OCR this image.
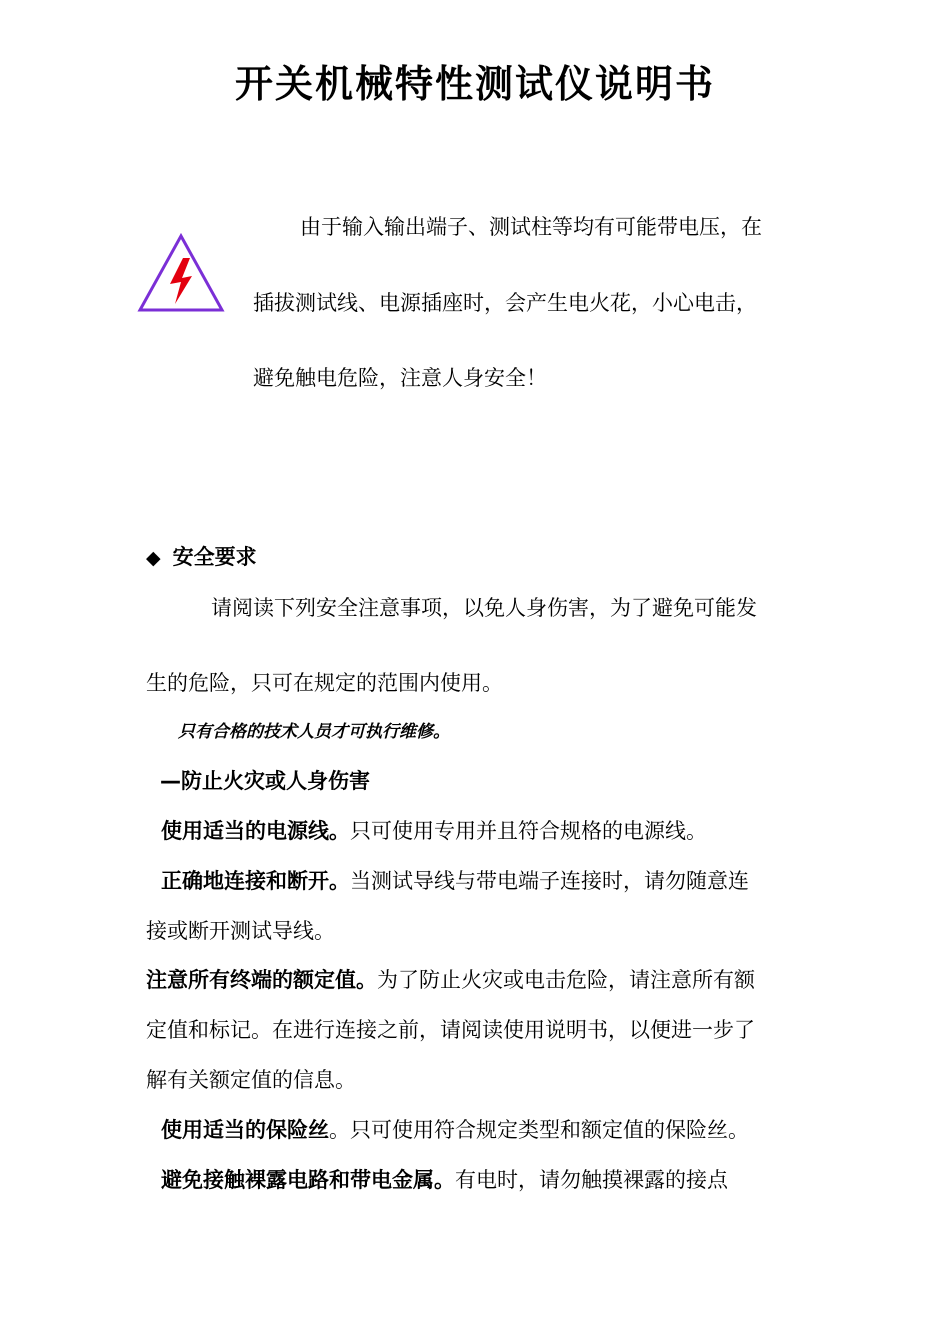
开关机械特性测试仪说明书
由于输入输出端子、测试柱等均有可能带电压，在
插拔测试线、电源插座时，会产生电火花，小心电击，
避免触电危险，注意人身安全！
◆ 安全要求
请阅读下列安全注意事项，以免人身伤害，为了避免可能发
生的危险，只可在规定的范围内使用。
只有合格的技术人员才可执行维修。
—防止火灾或人身伤害
使用适当的电源线。只可使用专用并且符合规格的电源线。
正确地连接和断开。当测试导线与带电端子连接时，请勿随意连
接或断开测试导线。
注意所有终端的额定值。为了防止火灾或电击危险，请注意所有额
定值和标记。在进行连接之前，请阅读使用说明书，以便进一步了
解有关额定值的信息。
使用适当的保险丝。只可使用符合规定类型和额定值的保险丝。
避免接触裸露电路和带电金属。有电时，请勿触摸裸露的接点
